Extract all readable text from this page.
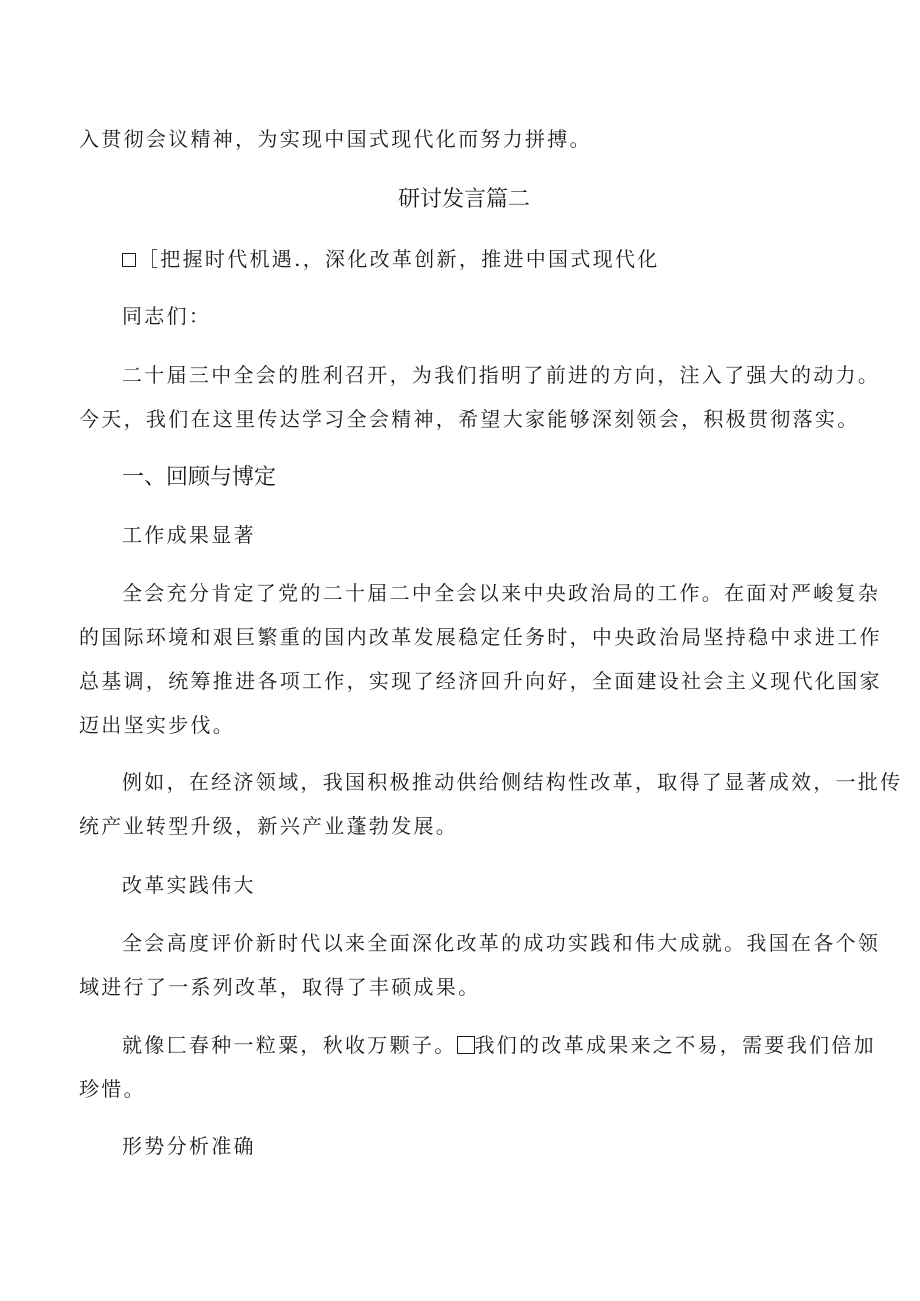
入贯彻会议精神，为实现中国式现代化而努力拼搏。

研讨发言篇二

［把握时代机遇.，深化改革创新，推进中国式现代化

同志们：

二十届三中全会的胜利召开，为我们指明了前进的方向，注入了强大的动力。

今天，我们在这里传达学习全会精神，希望大家能够深刻领会，积极贯彻落实。

一、回顾与博定

工作成果显著

全会充分肯定了党的二十届二中全会以来中央政治局的工作。在面对严峻复杂

的国际环境和艰巨繁重的国内改革发展稳定任务时，中央政治局坚持稳中求进工作

总基调，统筹推进各项工作，实现了经济回升向好，全面建设社会主义现代化国家

迈出坚实步伐。

例如，在经济领域，我国积极推动供给侧结构性改革，取得了显著成效，一批传

统产业转型升级，新兴产业蓬勃发展。

改革实践伟大

全会高度评价新时代以来全面深化改革的成功实践和伟大成就。我国在各个领

域进行了一系列改革，取得了丰硕成果。

就像匚春种一粒粟，秋收万颗子。 我们的改革成果来之不易，需要我们倍加

珍惜。

形势分析准确
